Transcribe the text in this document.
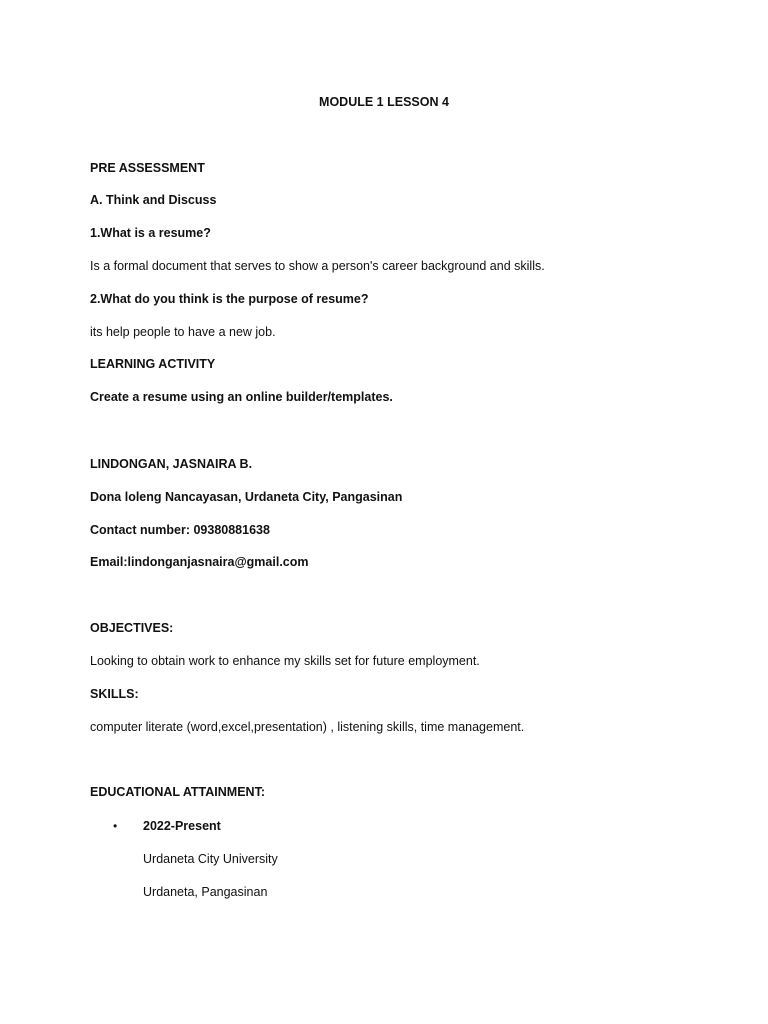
MODULE 1 LESSON 4
PRE ASSESSMENT
A. Think and Discuss
1.What is a resume?
Is a formal document that serves to show a person's career background and skills.
2.What do you think is the purpose of resume?
its help people to have a new job.
LEARNING ACTIVITY
Create a resume using an online builder/templates.
LINDONGAN, JASNAIRA B.
Dona loleng Nancayasan, Urdaneta City, Pangasinan
Contact number: 09380881638
Email:lindonganjasnaira@gmail.com
OBJECTIVES:
Looking to obtain work to enhance my skills set for future employment.
SKILLS:
computer literate (word,excel,presentation) , listening skills, time management.
EDUCATIONAL ATTAINMENT:
• 2022-Present
Urdaneta City University
Urdaneta, Pangasinan
